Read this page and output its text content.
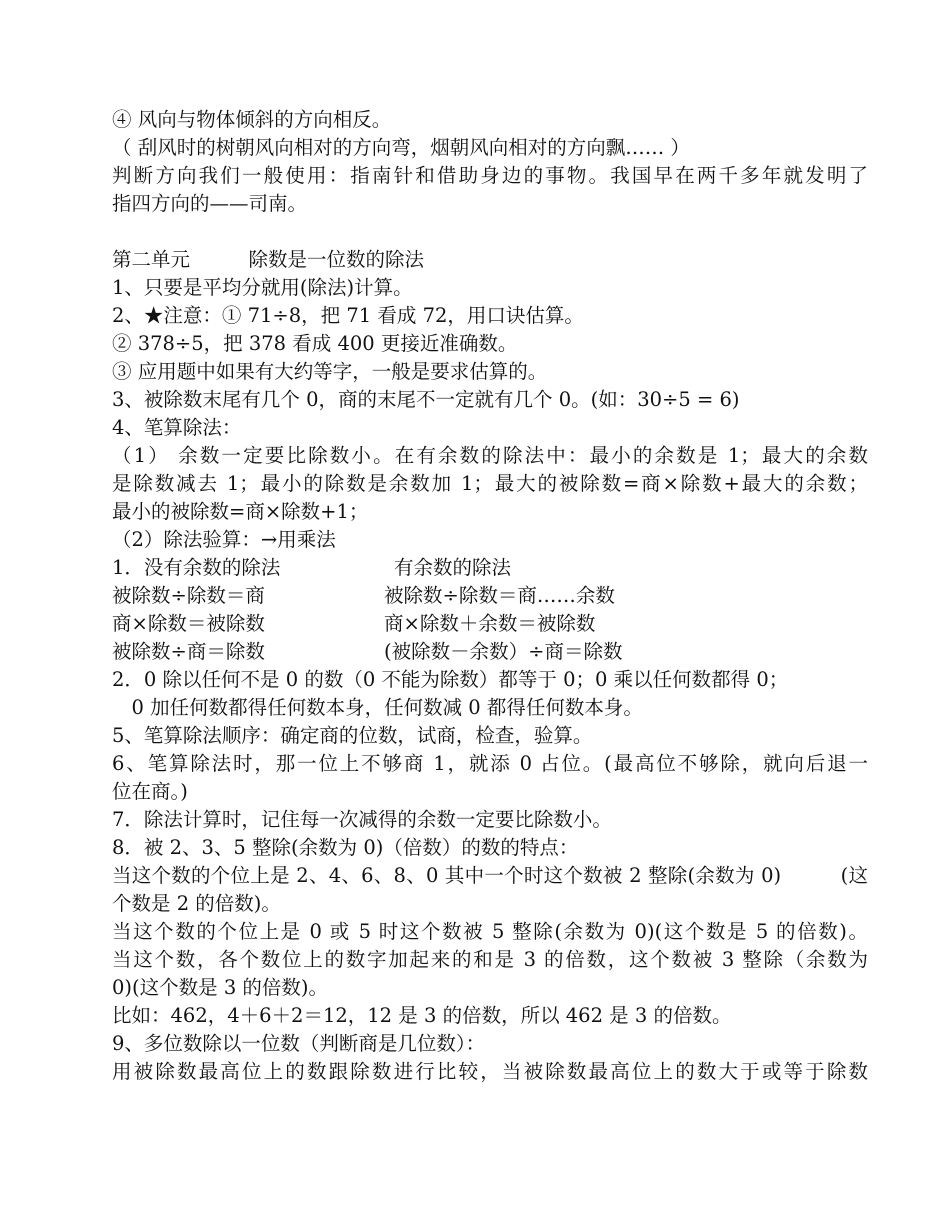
④ 风向与物体倾斜的方向相反。

（ 刮风时的树朝风向相对的方向弯，烟朝风向相对的方向飘…… ）

判断方向我们一般使用：指南针和借助身边的事物。我国早在两千多年就发明了

指四方向的——司南。

第二单元　　　除数是一位数的除法

1、只要是平均分就用(除法)计算。

2、★注意：① 71÷8，把 71 看成 72，用口诀估算。

② 378÷5，把 378 看成 400 更接近准确数。

③ 应用题中如果有大约等字，一般是要求估算的。

3、被除数末尾有几个 0，商的末尾不一定就有几个 0。(如：30÷5 = 6)

4、笔算除法：

（1） 余数一定要比除数小。在有余数的除法中：最小的余数是 1；最大的余数

是除数减去 1；最小的除数是余数加 1；最大的被除数=商×除数+最大的余数；

最小的被除数=商×除数+1；

（2）除法验算：→用乘法

1．没有余数的除法

被除数÷除数＝商

商×除数＝被除数

被除数÷商＝除数

有余数的除法

被除数÷除数＝商……余数

商×除数＋余数＝被除数

(被除数－余数）÷商＝除数

2．0 除以任何不是 0 的数（0 不能为除数）都等于 0；0 乘以任何数都得 0；

　0 加任何数都得任何数本身，任何数减 0 都得任何数本身。

5、笔算除法顺序：确定商的位数，试商，检查，验算。

6、笔算除法时，那一位上不够商 1，就添 0 占位。(最高位不够除，就向后退一

位在商。)

7．除法计算时，记住每一次减得的余数一定要比除数小。

8．被 2、3、5 整除(余数为 0)（倍数）的数的特点：

当这个数的个位上是 2、4、6、8、0 其中一个时这个数被 2 整除(余数为 0)　　　(这

个数是 2 的倍数)。

当这个数的个位上是 0 或 5 时这个数被 5 整除(余数为 0)(这个数是 5 的倍数)。

当这个数，各个数位上的数字加起来的和是 3 的倍数，这个数被 3 整除（余数为

0)(这个数是 3 的倍数)。

比如：462，4＋6＋2＝12，12 是 3 的倍数，所以 462 是 3 的倍数。

9、多位数除以一位数（判断商是几位数）：

用被除数最高位上的数跟除数进行比较，当被除数最高位上的数大于或等于除数
